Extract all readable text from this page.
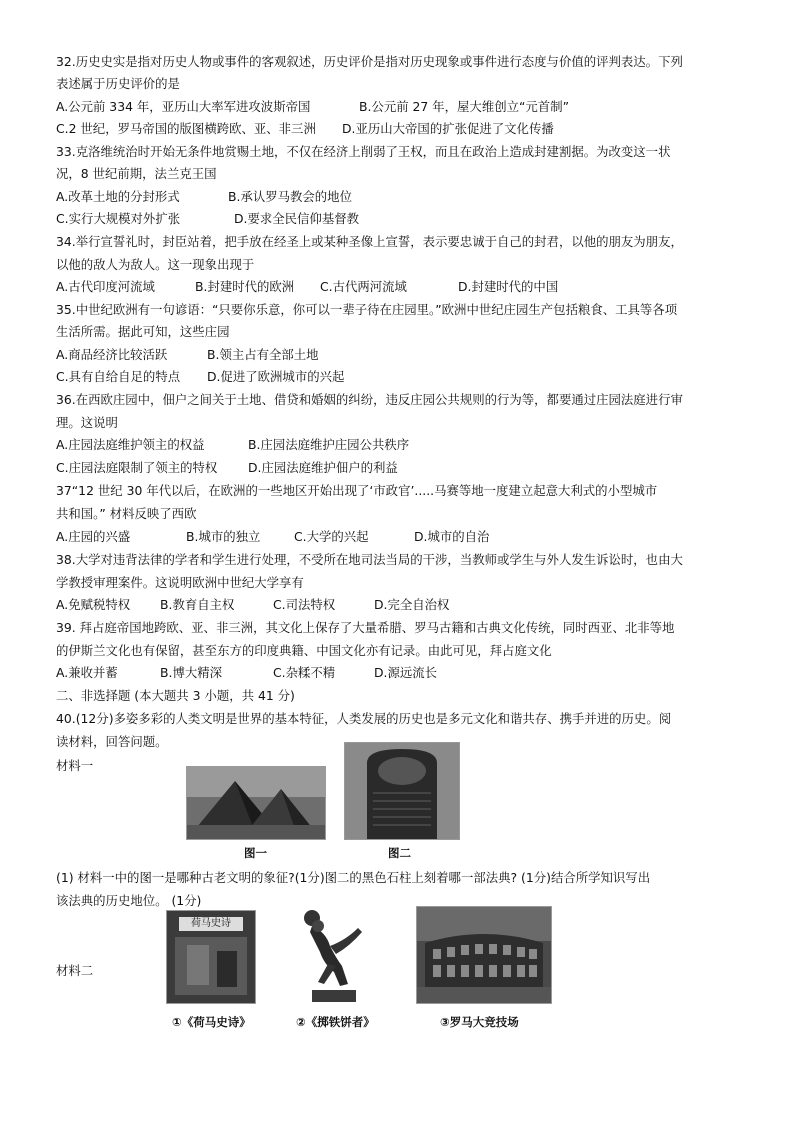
32.历史史实是指对历史人物或事件的客观叙述，历史评价是指对历史现象或事件进行态度与价值的评判表达。下列
表述属于历史评价的是
A.公元前 334 年，亚历山大率军进攻波斯帝国	B.公元前 27 年，屋大维创立“元首制”
C.2 世纪，罗马帝国的版图横跨欧、亚、非三洲 D.亚历山大帝国的扩张促进了文化传播
33.克洛维统治时开始无条件地赏赐土地，不仅在经济上削弱了王权，而且在政治上造成封建割据。为改变这一状
况，8 世纪前期，法兰克王国
A.改革土地的分封形式	B.承认罗马教会的地位
C.实行大规模对外扩张	D.要求全民信仰基督教
34.举行宣誓礼时，封臣站着，把手放在经圣上或某种圣像上宣誓，表示要忠诚于自己的封君，以他的朋友为朋友，
以他的敌人为敌人。这一现象出现于
A.古代印度河流域	B.封建时代的欧洲 C.古代两河流域	D.封建时代的中国
35.中世纪欧洲有一句谚语：“只要你乐意，你可以一辈子待在庄园里。”欧洲中世纪庄园生产包括粮食、工具等各项
生活所需。据此可知，这些庄园
A.商品经济比较活跃	B.领主占有全部土地
C.具有自给自足的特点 D.促进了欧洲城市的兴起
36.在西欧庄园中，佃户之间关于土地、借贷和婚姻的纠纷，违反庄园公共规则的行为等，都要通过庄园法庭进行审
理。这说明
A.庄园法庭维护领主的权益	B.庄园法庭维护庄园公共秩序
C.庄园法庭限制了领主的特权 D.庄园法庭维护佃户的利益
37“12 世纪 30 年代以后，在欧洲的一些地区开始出现了‘市政官’.....马赛等地一度建立起意大利式的小型城市
共和国。” 材料反映了西欧
A.庄园的兴盛	B.城市的独立	C.大学的兴起	D.城市的自治
38.大学对违背法律的学者和学生进行处理，不受所在地司法当局的干涉，当教师或学生与外人发生诉讼时，也由大
学教授审理案件。这说明欧洲中世纪大学享有
A.免赋税特权 B.教育自主权	C.司法特权	D.完全自治权
39. 拜占庭帝国地跨欧、亚、非三洲，其文化上保存了大量希腊、罗马古籍和古典文化传统，同时西亚、北非等地
的伊斯兰文化也有保留，甚至东方的印度典籍、中国文化亦有记录。由此可见，拜占庭文化
A.兼收并蓄	B.博大精深	C.杂糅不精	D.源远流长
二、非选择题 (本大题共 3 小题，共 41 分)
40.(12分)多姿多彩的人类文明是世界的基本特征，人类发展的历史也是多元文化和谐共存、携手并进的历史。阅
读材料，回答问题。
材料一
图一	图二
(1) 材料一中的图一是哪种古老文明的象征?(1分)图二的黑色石柱上刻着哪一部法典? (1分)结合所学知识写出
该法典的历史地位。 (1分)
材料二
荷马史诗
①《荷马史诗》	②《掷铁饼者》	③罗马大竞技场
